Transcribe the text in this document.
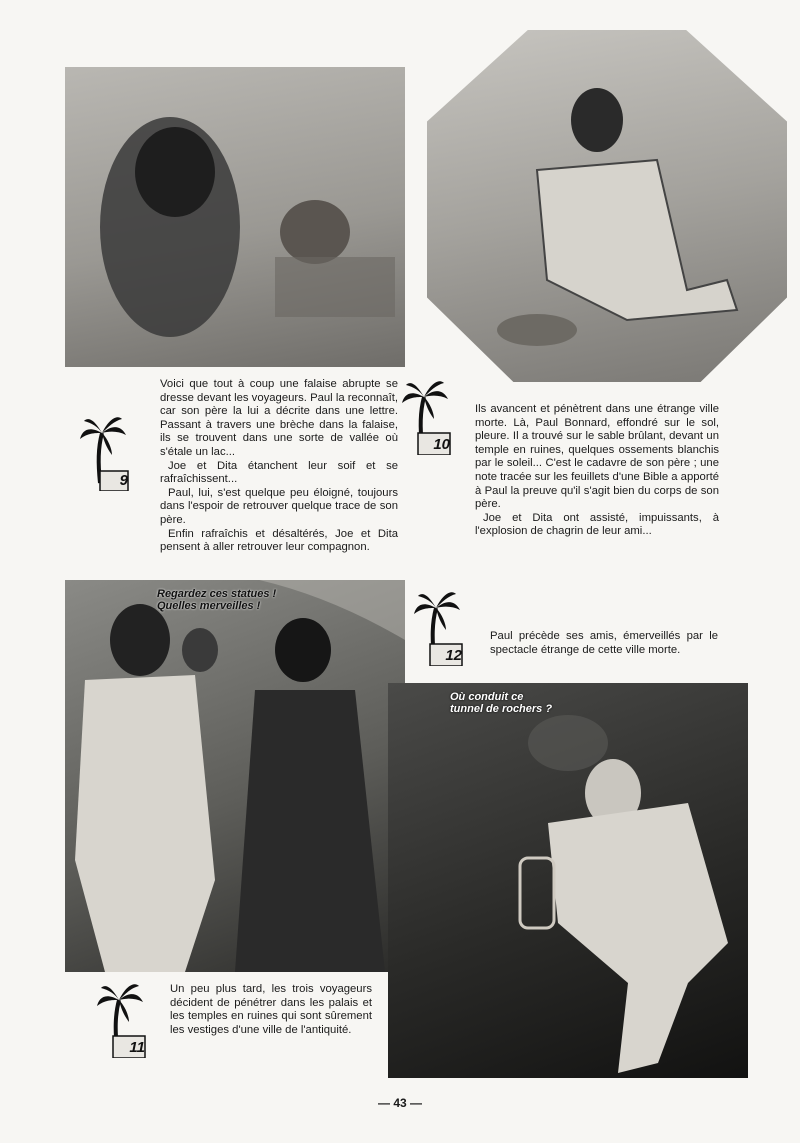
9

Voici que tout à coup une falaise abrupte se dresse devant les voyageurs. Paul la reconnaît, car son père la lui a décrite dans une lettre. Passant à travers une brèche dans la falaise, ils se trouvent dans une sorte de vallée où s'étale un lac...

Joe et Dita étanchent leur soif et se rafraîchissent...

Paul, lui, s'est quelque peu éloigné, toujours dans l'espoir de retrouver quelque trace de son père.

Enfin rafraîchis et désaltérés, Joe et Dita pensent à aller retrouver leur compagnon.

10

Ils avancent et pénètrent dans une étrange ville morte. Là, Paul Bonnard, effondré sur le sol, pleure. Il a trouvé sur le sable brûlant, devant un temple en ruines, quelques ossements blanchis par le soleil... C'est le cadavre de son père ; une note tracée sur les feuillets d'une Bible a apporté à Paul la preuve qu'il s'agit bien du corps de son père.

Joe et Dita ont assisté, impuissants, à l'explosion de chagrin de leur ami...

Regardez ces statues !
Quelles merveilles !
12

Paul précède ses amis, émerveillés par le spectacle étrange de cette ville morte.

Où conduit ce
tunnel de rochers ?
11

Un peu plus tard, les trois voyageurs décident de pénétrer dans les palais et les temples en ruines qui sont sûrement les vestiges d'une ville de l'antiquité.

— 43 —
